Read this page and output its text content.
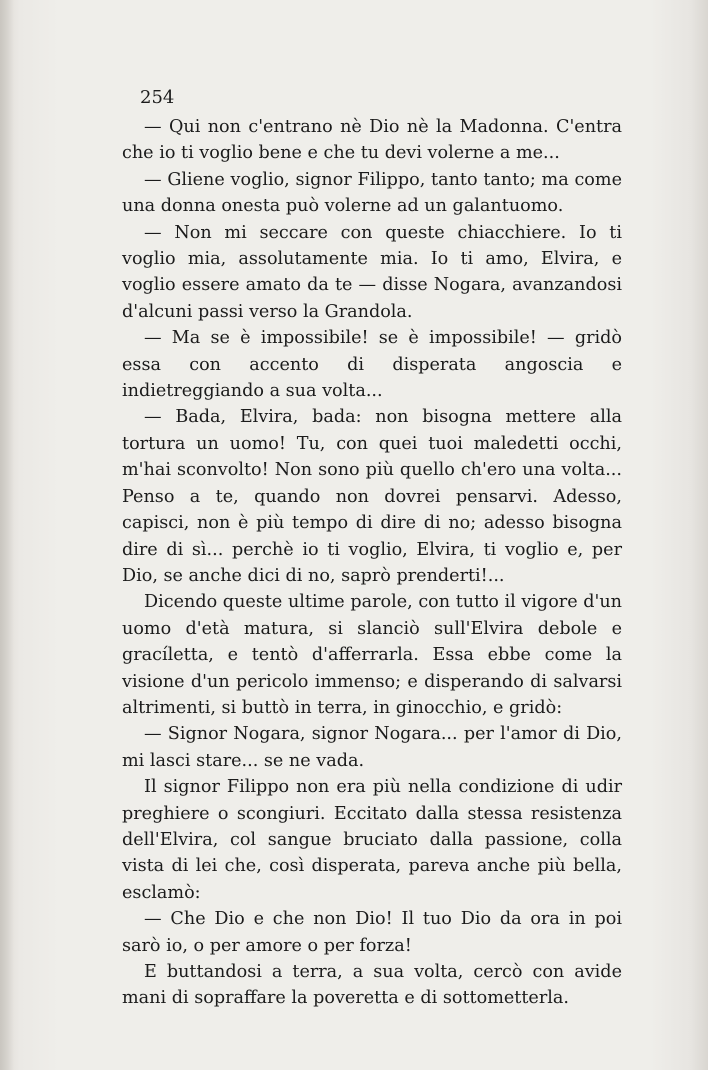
254

— Qui non c'entrano nè Dio nè la Madonna. C'entra che io ti voglio bene e che tu devi volerne a me...

— Gliene voglio, signor Filippo, tanto tanto; ma come una donna onesta può volerne ad un galantuomo.

— Non mi seccare con queste chiacchiere. Io ti voglio mia, assolutamente mia. Io ti amo, Elvira, e voglio essere amato da te — disse Nogara, avanzandosi d'alcuni passi verso la Grandola.

— Ma se è impossibile! se è impossibile! — gridò essa con accento di disperata angoscia e indietreggiando a sua volta...

— Bada, Elvira, bada: non bisogna mettere alla tortura un uomo! Tu, con quei tuoi maledetti occhi, m'hai sconvolto! Non sono più quello ch'ero una volta... Penso a te, quando non dovrei pensarvi. Adesso, capisci, non è più tempo di dire di no; adesso bisogna dire di sì... perchè io ti voglio, Elvira, ti voglio e, per Dio, se anche dici di no, saprò prenderti!...

Dicendo queste ultime parole, con tutto il vigore d'un uomo d'età matura, si slanciò sull'Elvira debole e gracíletta, e tentò d'afferrarla. Essa ebbe come la visione d'un pericolo immenso; e disperando di salvarsi altrimenti, si buttò in terra, in ginocchio, e gridò:

— Signor Nogara, signor Nogara... per l'amor di Dio, mi lasci stare... se ne vada.

Il signor Filippo non era più nella condizione di udir preghiere o scongiuri. Eccitato dalla stessa resistenza dell'Elvira, col sangue bruciato dalla passione, colla vista di lei che, così disperata, pareva anche più bella, esclamò:

— Che Dio e che non Dio! Il tuo Dio da ora in poi sarò io, o per amore o per forza!

E buttandosi a terra, a sua volta, cercò con avide mani di sopraffare la poveretta e di sottometterla.
